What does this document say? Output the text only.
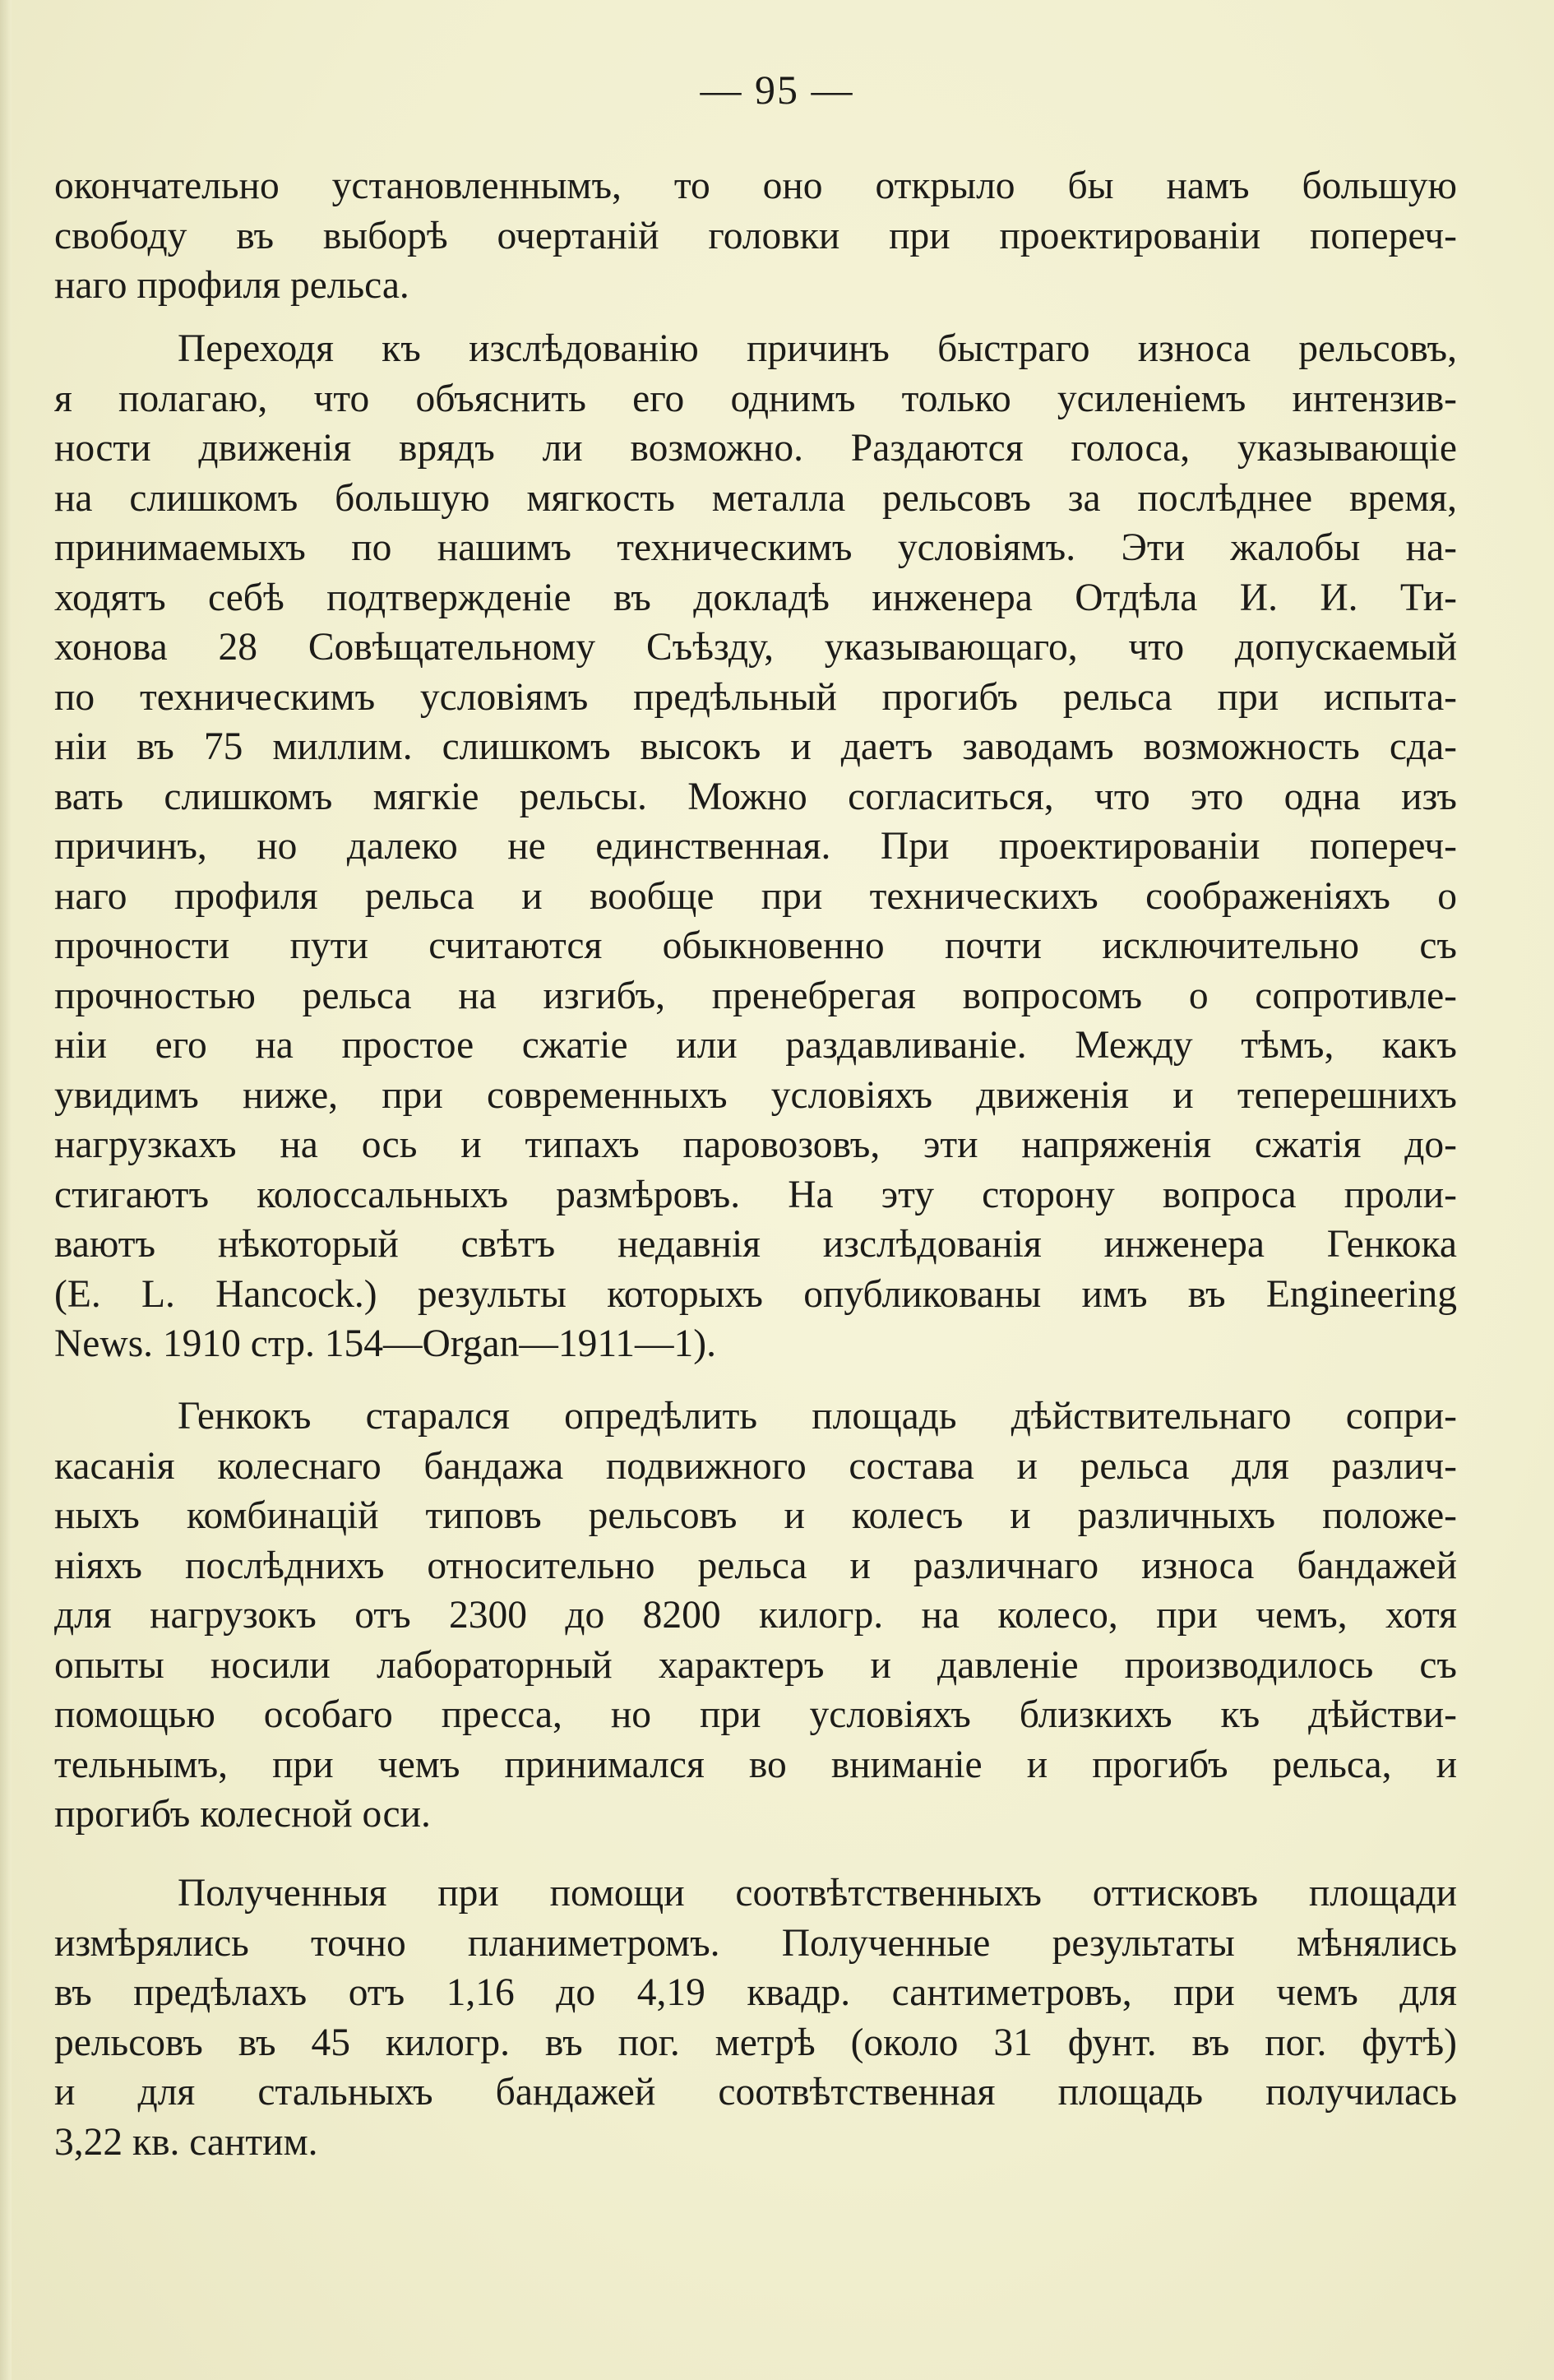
— 95 —
окончательно установленнымъ, то оно открыло бы намъ большую
свободу въ выборѣ очертаній головки при проектированіи попереч-
наго профиля рельса.
Переходя къ изслѣдованію причинъ быстраго износа рельсовъ,
я полагаю, что объяснить его однимъ только усиленіемъ интензив-
ности движенія врядъ ли возможно. Раздаются голоса, указывающіе
на слишкомъ большую мягкость металла рельсовъ за послѣднее время,
принимаемыхъ по нашимъ техническимъ условіямъ. Эти жалобы на-
ходятъ себѣ подтвержденіе въ докладѣ инженера Отдѣла И. И. Ти-
хонова 28 Совѣщательному Съѣзду, указывающаго, что допускаемый
по техническимъ условіямъ предѣльный прогибъ рельса при испыта-
ніи въ 75 миллим. слишкомъ высокъ и даетъ заводамъ возможность сда-
вать слишкомъ мягкіе рельсы. Можно согласиться, что это одна изъ
причинъ, но далеко не единственная. При проектированіи попереч-
наго профиля рельса и вообще при техническихъ соображеніяхъ о
прочности пути считаются обыкновенно почти исключительно съ
прочностью рельса на изгибъ, пренебрегая вопросомъ о сопротивле-
ніи его на простое сжатіе или раздавливаніе. Между тѣмъ, какъ
увидимъ ниже, при современныхъ условіяхъ движенія и теперешнихъ
нагрузкахъ на ось и типахъ паровозовъ, эти напряженія сжатія до-
стигаютъ колоссальныхъ размѣровъ. На эту сторону вопроса проли-
ваютъ нѣкоторый свѣтъ недавнія изслѣдованія инженера Генкока
(E. L. Hancock.) результы которыхъ опубликованы имъ въ Engineering
News. 1910 стр. 154—Organ—1911—1).
Генкокъ старался опредѣлить площадь дѣйствительнаго сопри-
касанія колеснаго бандажа подвижного состава и рельса для различ-
ныхъ комбинацій типовъ рельсовъ и колесъ и различныхъ положе-
ніяхъ послѣднихъ относительно рельса и различнаго износа бандажей
для нагрузокъ отъ 2300 до 8200 килогр. на колесо, при чемъ, хотя
опыты носили лабораторный характеръ и давленіе производилось съ
помощью особаго пресса, но при условіяхъ близкихъ къ дѣйстви-
тельнымъ, при чемъ принимался во вниманіе и прогибъ рельса, и
прогибъ колесной оси.
Полученныя при помощи соотвѣтственныхъ оттисковъ площади
измѣрялись точно планиметромъ. Полученные результаты мѣнялись
въ предѣлахъ отъ 1,16 до 4,19 квадр. сантиметровъ, при чемъ для
рельсовъ въ 45 килогр. въ пог. метрѣ (около 31 фунт. въ пог. футѣ)
и для стальныхъ бандажей соотвѣтственная площадь получилась
3,22 кв. сантим.
